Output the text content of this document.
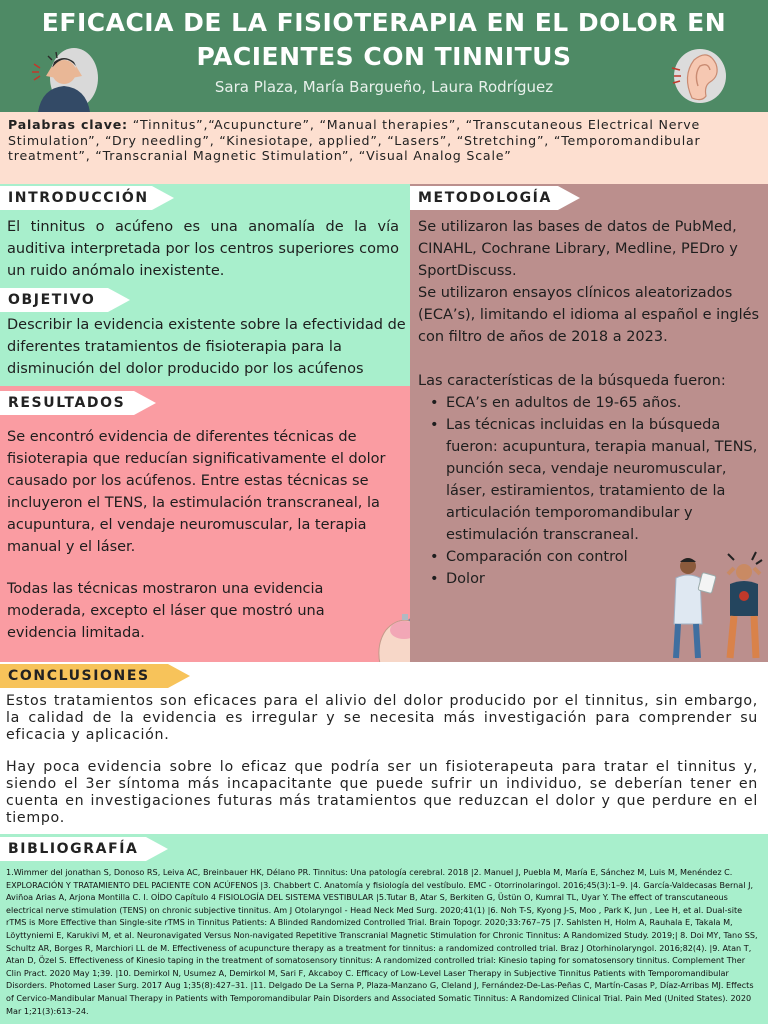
EFICACIA DE LA FISIOTERAPIA EN EL DOLOR EN
PACIENTES CON TINNITUS
Sara Plaza, María Bargueño, Laura Rodríguez
Palabras clave: “Tinnitus”,“Acupuncture”, “Manual therapies”, “Transcutaneous Electrical Nerve Stimulation”, “Dry needling”, “Kinesiotape, applied”, “Lasers”, “Stretching”, “Temporomandibular treatment”, “Transcranial Magnetic Stimulation”, “Visual Analog Scale”
INTRODUCCIÓN
El tinnitus o acúfeno es una anomalía de la vía auditiva interpretada por los centros superiores como un ruido anómalo inexistente.
OBJETIVO
Describir la evidencia existente sobre la efectividad de diferentes tratamientos de fisioterapia para la disminución del dolor producido por los acúfenos
RESULTADOS
Se encontró evidencia de diferentes técnicas de fisioterapia que reducían significativamente el dolor causado por los acúfenos. Entre estas técnicas se incluyeron el TENS, la estimulación transcraneal, la acupuntura, el vendaje neuromuscular, la terapia manual y el láser.
Todas las técnicas mostraron una evidencia moderada, excepto el láser que mostró una evidencia limitada.
METODOLOGÍA
Se utilizaron las bases de datos de PubMed, CINAHL, Cochrane Library, Medline, PEDro y SportDiscuss.
Se utilizaron ensayos clínicos aleatorizados (ECA’s), limitando el idioma al español e inglés con filtro de años de 2018 a 2023.
Las características de la búsqueda fueron:
• ECA’s en adultos de 19-65 años.
• Las técnicas incluidas en la búsqueda fueron: acupuntura, terapia manual, TENS, punción seca, vendaje neuromuscular, láser, estiramientos, tratamiento de la articulación temporomandibular y estimulación transcraneal.
• Comparación con control
• Dolor
CONCLUSIONES

Estos tratamientos son eficaces para el alivio del dolor producido por el tinnitus, sin embargo, la calidad de la evidencia es irregular y se necesita más investigación para comprender su eficacia y aplicación.

Hay poca evidencia sobre lo eficaz que podría ser un fisioterapeuta para tratar el tinnitus y, siendo el 3er síntoma más incapacitante que puede sufrir un individuo, se deberían tener en cuenta en investigaciones futuras más tratamientos que reduzcan el dolor y que perdure en el tiempo.

BIBLIOGRAFÍA
1.Wimmer del jonathan S, Donoso RS, Leiva AC, Breinbauer HK, Délano PR. Tinnitus: Una patología cerebral. 2018 |2. Manuel J, Puebla M, María E, Sánchez M, Luis M, Menéndez C. EXPLORACIÓN Y TRATAMIENTO DEL PACIENTE CON ACÚFENOS |3. Chabbert C. Anatomía y fisiología del vestíbulo. EMC - Otorrinolaringol. 2016;45(3):1–9. |4. García-Valdecasas Bernal J, Aviñoa Arias A, Arjona Montilla C. I. OÍDO Capítulo 4 FISIOLOGÍA DEL SISTEMA VESTIBULAR |5.Tutar B, Atar S, Berkiten G, Üstün O, Kumral TL, Uyar Y. The effect of transcutaneous electrical nerve stimulation (TENS) on chronic subjective tinnitus. Am J Otolaryngol - Head Neck Med Surg. 2020;41(1) |6. Noh T-S, Kyong J-S, Moo , Park K, Jun , Lee H, et al. Dual-site rTMS is More Effective than Single-site rTMS in Tinnitus Patients: A Blinded Randomized Controlled Trial. Brain Topogr. 2020;33:767–75 |7. Sahlsten H, Holm A, Rauhala E, Takala M, Löyttyniemi E, Karukivi M, et al. Neuronavigated Versus Non-navigated Repetitive Transcranial Magnetic Stimulation for Chronic Tinnitus: A Randomized Study. 2019;| 8. Doi MY, Tano SS, Schultz AR, Borges R, Marchiori LL de M. Effectiveness of acupuncture therapy as a treatment for tinnitus: a randomized controlled trial. Braz J Otorhinolaryngol. 2016;82(4). |9. Atan T, Atan D, Özel S. Effectiveness of Kinesio taping in the treatment of somatosensory tinnitus: A randomized controlled trial: Kinesio taping for somatosensory tinnitus. Complement Ther Clin Pract. 2020 May 1;39. |10. Demirkol N, Usumez A, Demirkol M, Sari F, Akcaboy C. Efficacy of Low-Level Laser Therapy in Subjective Tinnitus Patients with Temporomandibular Disorders. Photomed Laser Surg. 2017 Aug 1;35(8):427–31. |11. Delgado De La Serna P, Plaza-Manzano G, Cleland J, Fernández-De-Las-Peñas C, Martín-Casas P, Díaz-Arribas MJ. Effects of Cervico-Mandibular Manual Therapy in Patients with Temporomandibular Pain Disorders and Associated Somatic Tinnitus: A Randomized Clinical Trial. Pain Med (United States). 2020 Mar 1;21(3):613–24.
